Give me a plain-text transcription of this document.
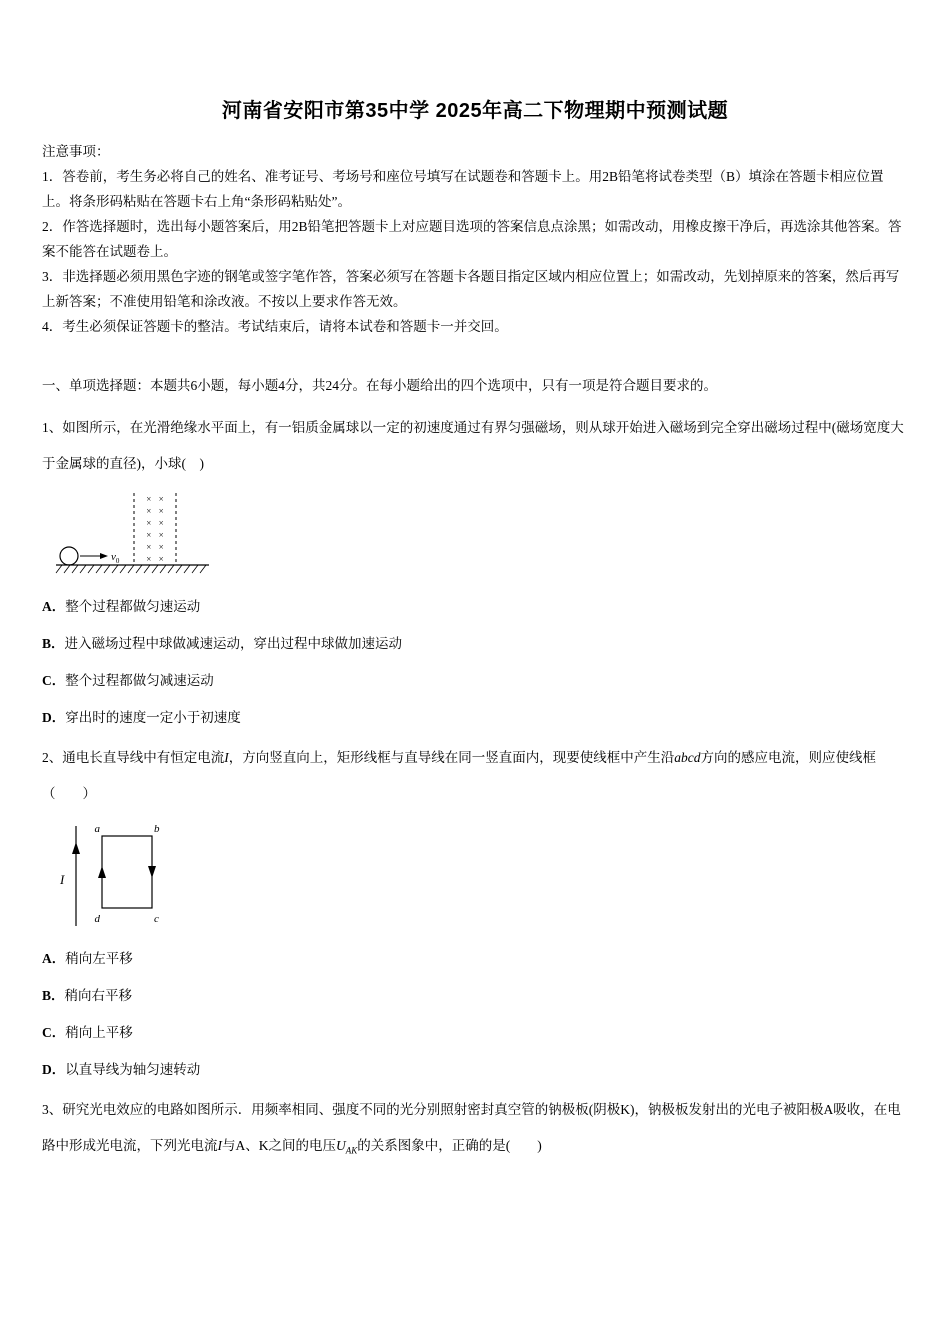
河南省安阳市第35中学 2025年高二下物理期中预测试题

注意事项：

1．答卷前，考生务必将自己的姓名、准考证号、考场号和座位号填写在试题卷和答题卡上。用2B铅笔将试卷类型（B）填涂在答题卡相应位置上。将条形码粘贴在答题卡右上角“条形码粘贴处”。

2．作答选择题时，选出每小题答案后，用2B铅笔把答题卡上对应题目选项的答案信息点涂黑；如需改动，用橡皮擦干净后，再选涂其他答案。答案不能答在试题卷上。

3．非选择题必须用黑色字迹的钢笔或签字笔作答，答案必须写在答题卡各题目指定区域内相应位置上；如需改动，先划掉原来的答案，然后再写上新答案；不准使用铅笔和涂改液。不按以上要求作答无效。

4．考生必须保证答题卡的整洁。考试结束后，请将本试卷和答题卡一并交回。

一、单项选择题：本题共6小题，每小题4分，共24分。在每小题给出的四个选项中，只有一项是符合题目要求的。

1、如图所示，在光滑绝缘水平面上，有一铝质金属球以一定的初速度通过有界匀强磁场，则从球开始进入磁场到完全穿出磁场过程中(磁场宽度大于金属球的直径)，小球(　)

$v_0$
× ×
× ×
× ×
× ×
× ×
× ×

A．整个过程都做匀速运动

B．进入磁场过程中球做减速运动，穿出过程中球做加速运动

C．整个过程都做匀减速运动

D．穿出时的速度一定小于初速度

2、通电长直导线中有恒定电流I，方向竖直向上，矩形线框与直导线在同一竖直面内，现要使线框中产生沿abcd方向的感应电流，则应使线框（　　）

I
a	b
c
d

A．稍向左平移

B．稍向右平移

C．稍向上平移

D．以直导线为轴匀速转动

3、研究光电效应的电路如图所示．用频率相同、强度不同的光分别照射密封真空管的钠极板(阴极K)，钠极板发射出的光电子被阳极A吸收，在电路中形成光电流，下列光电流I与A、K之间的电压$U_{AK}$的关系图象中，正确的是(　　)
